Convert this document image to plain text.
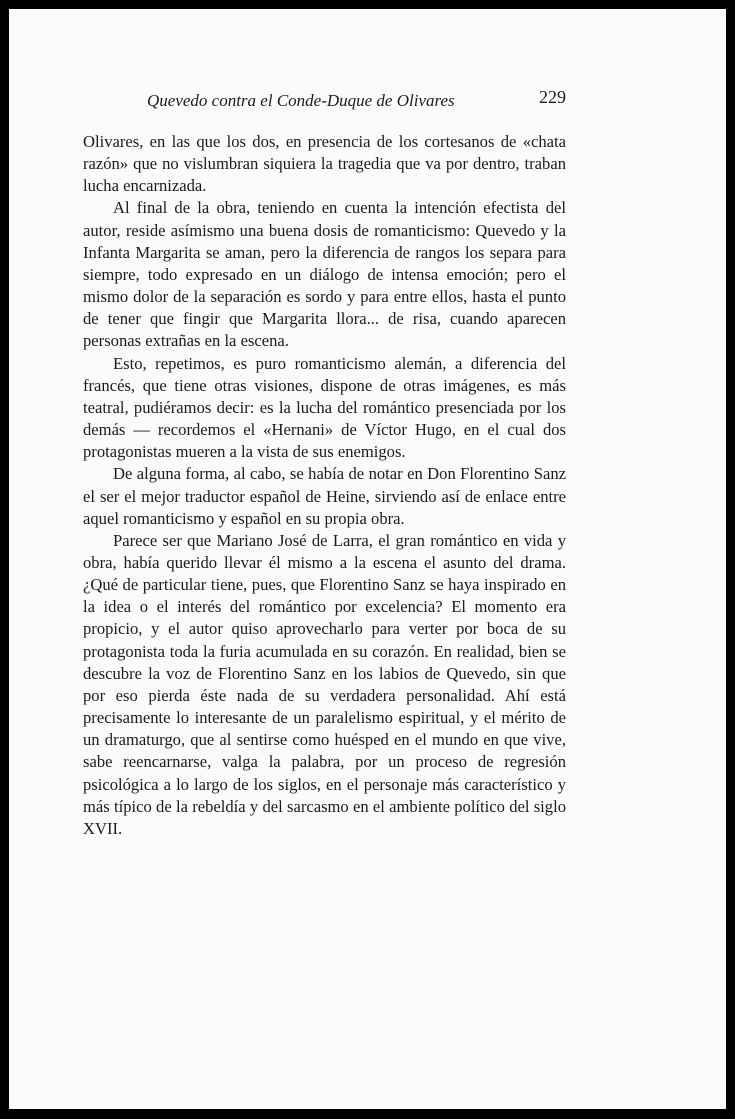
Quevedo contra el Conde-Duque de Olivares	229

Olivares, en las que los dos, en presencia de los cortesanos de «chata razón» que no vislumbran siquiera la tragedia que va por dentro, traban lucha encarnizada.

Al final de la obra, teniendo en cuenta la intención efectista del autor, reside asímismo una buena dosis de romanticismo: Quevedo y la Infanta Margarita se aman, pero la diferencia de rangos los separa para siempre, todo expresado en un diálogo de intensa emoción; pero el mismo dolor de la separación es sordo y para entre ellos, hasta el punto de tener que fingir que Margarita llora... de risa, cuando aparecen personas extrañas en la escena.

Esto, repetimos, es puro romanticismo alemán, a diferencia del francés, que tiene otras visiones, dispone de otras imágenes, es más teatral, pudiéramos decir: es la lucha del romántico presenciada por los demás — recordemos el «Hernani» de Víctor Hugo, en el cual dos protagonistas mueren a la vista de sus enemigos.

De alguna forma, al cabo, se había de notar en Don Florentino Sanz el ser el mejor traductor español de Heine, sirviendo así de enlace entre aquel romanticismo y español en su propia obra.

Parece ser que Mariano José de Larra, el gran romántico en vida y obra, había querido llevar él mismo a la escena el asunto del drama. ¿Qué de particular tiene, pues, que Florentino Sanz se haya inspirado en la idea o el interés del romántico por excelencia? El momento era propicio, y el autor quiso aprovecharlo para verter por boca de su protagonista toda la furia acumulada en su corazón. En realidad, bien se descubre la voz de Florentino Sanz en los labios de Quevedo, sin que por eso pierda éste nada de su verdadera personalidad. Ahí está precisamente lo interesante de un paralelismo espiritual, y el mérito de un dramaturgo, que al sentirse como huésped en el mundo en que vive, sabe reencarnarse, valga la palabra, por un proceso de regresión psicológica a lo largo de los siglos, en el personaje más característico y más típico de la rebeldía y del sarcasmo en el ambiente político del siglo XVII.
